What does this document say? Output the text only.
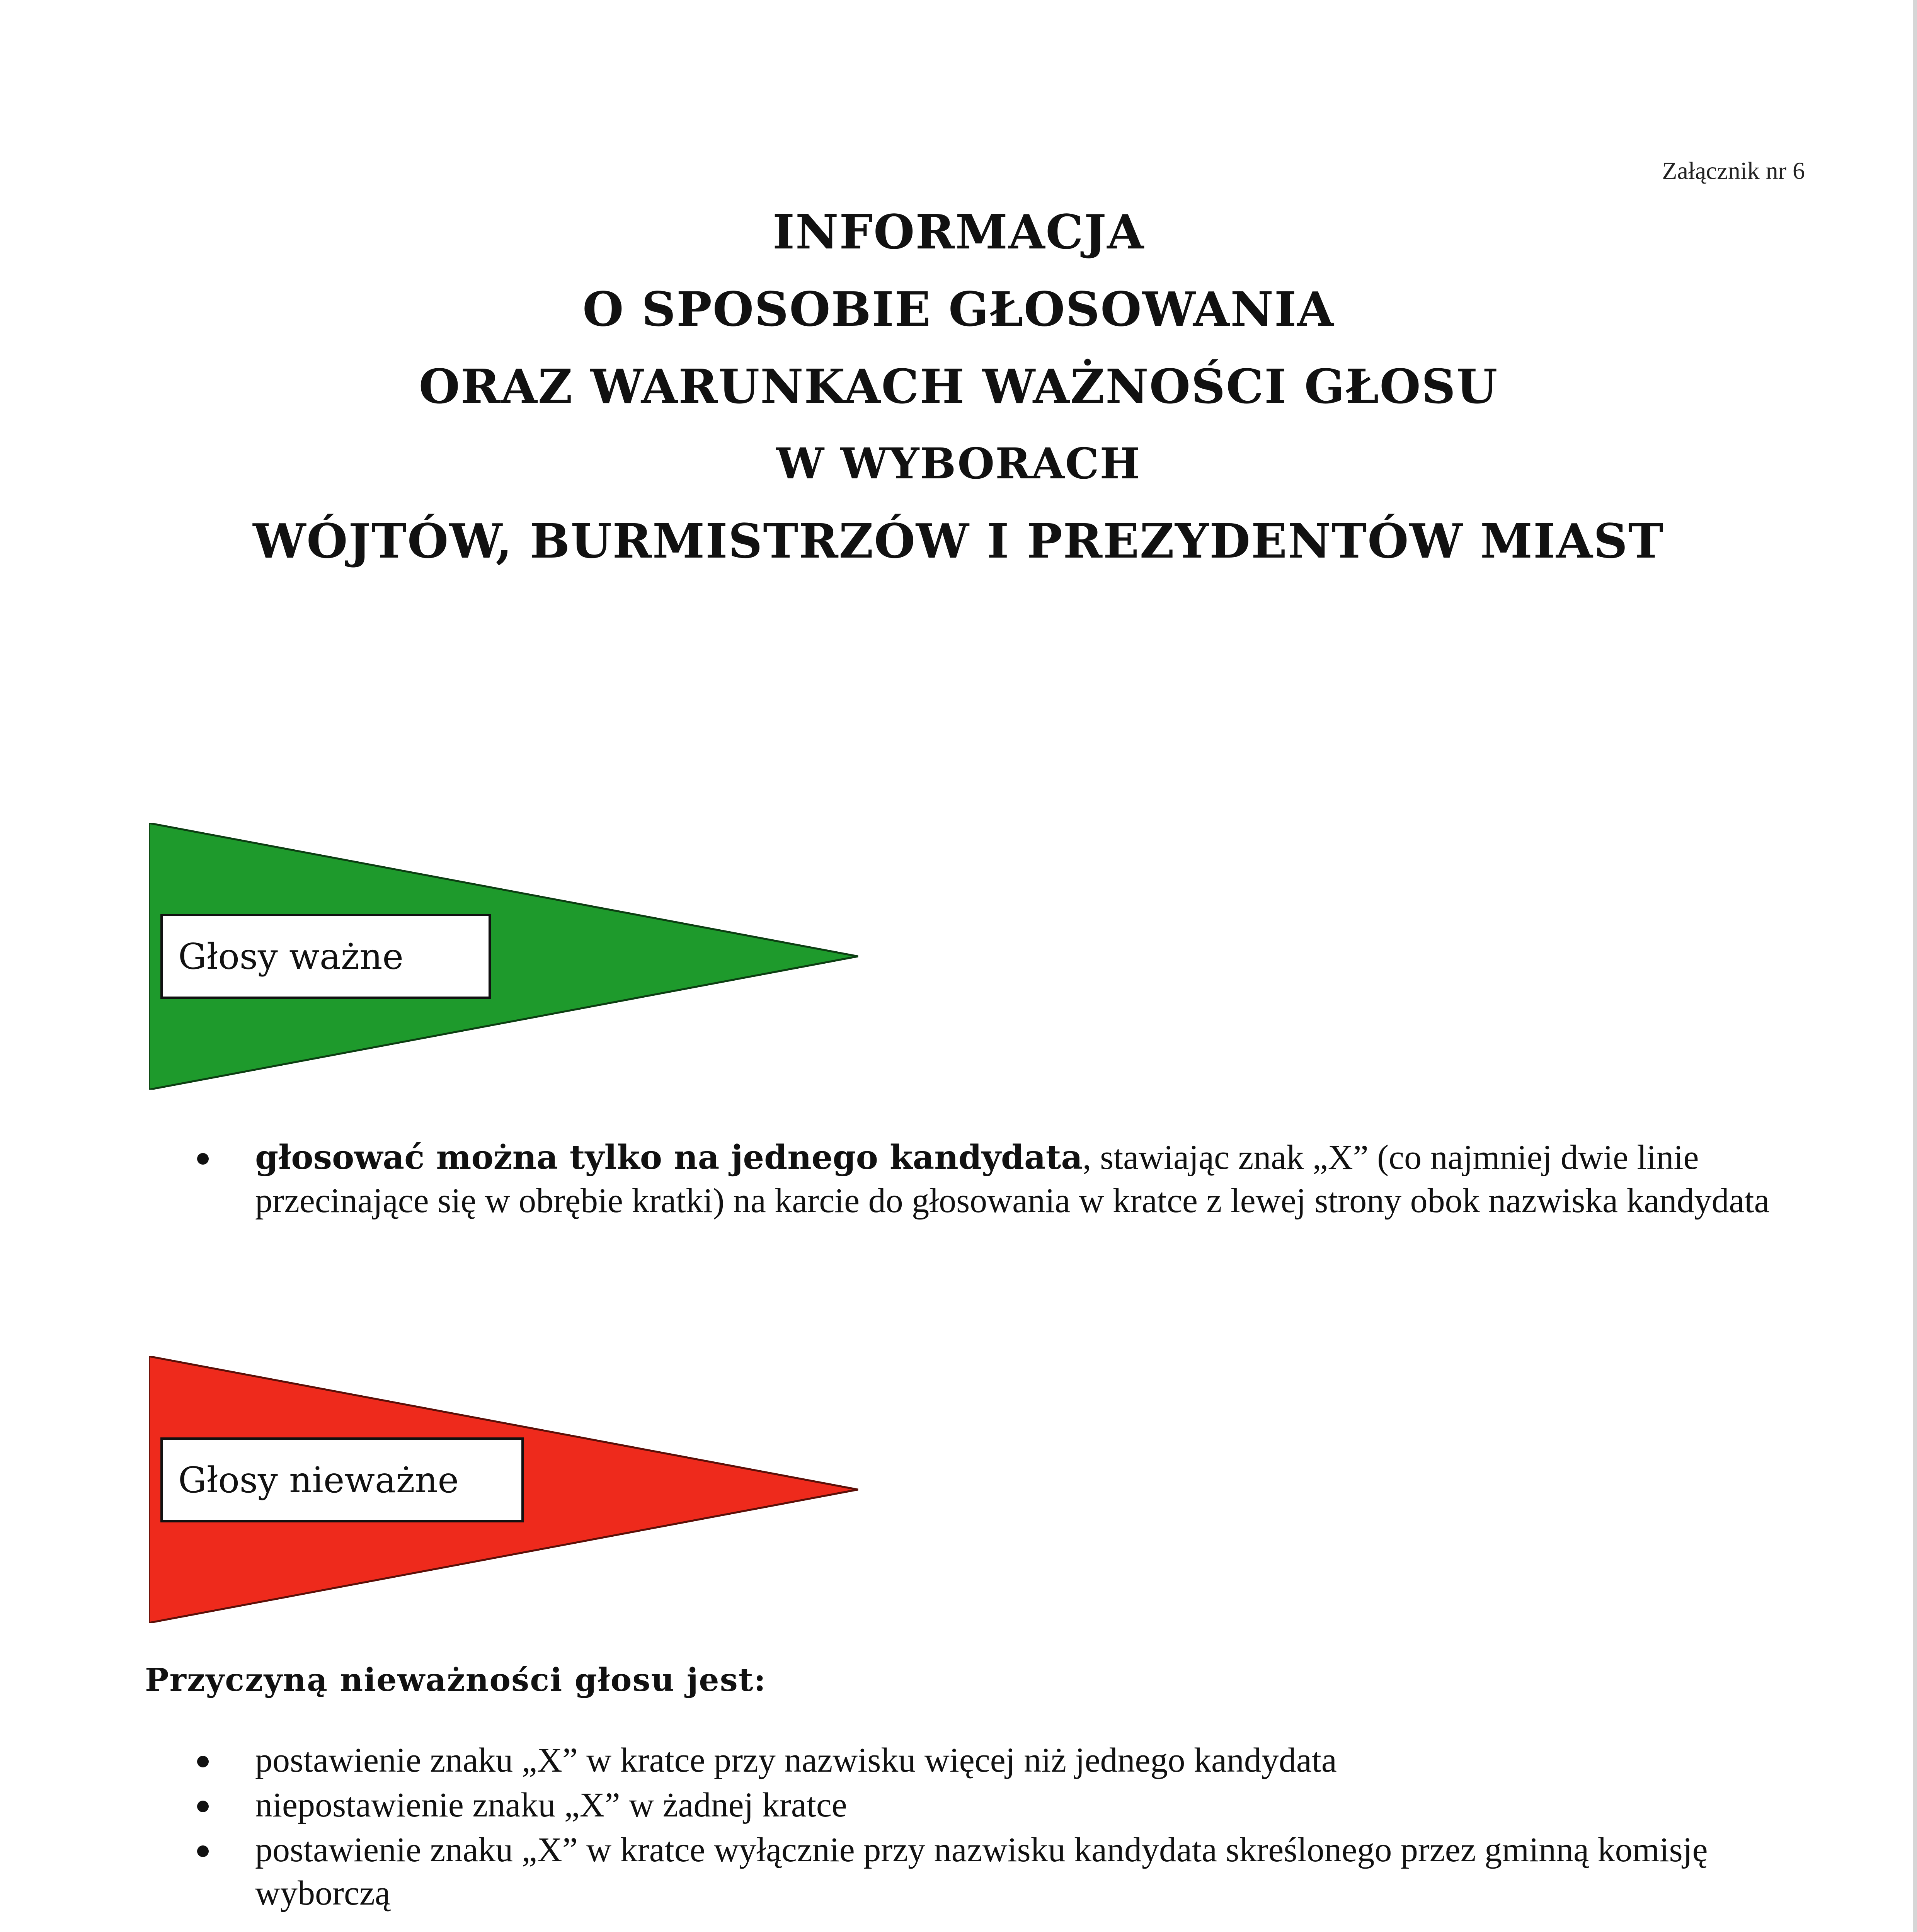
Załącznik nr 6
INFORMACJA
O SPOSOBIE GŁOSOWANIA
ORAZ WARUNKACH WAŻNOŚCI GŁOSU
W WYBORACH
WÓJTÓW, BURMISTRZÓW I PREZYDENTÓW MIAST
Głosy ważne
głosować można tylko na jednego kandydata, stawiając znak „X” (co najmniej dwie linie przecinające się w obrębie kratki) na karcie do głosowania w kratce z lewej strony obok nazwiska kandydata
Głosy nieważne
Przyczyną nieważności głosu jest:
postawienie znaku „X” w kratce przy nazwisku więcej niż jednego kandydata
niepostawienie znaku „X” w żadnej kratce
postawienie znaku „X” w kratce wyłącznie przy nazwisku kandydata skreślonego przez gminną komisję wyborczą
